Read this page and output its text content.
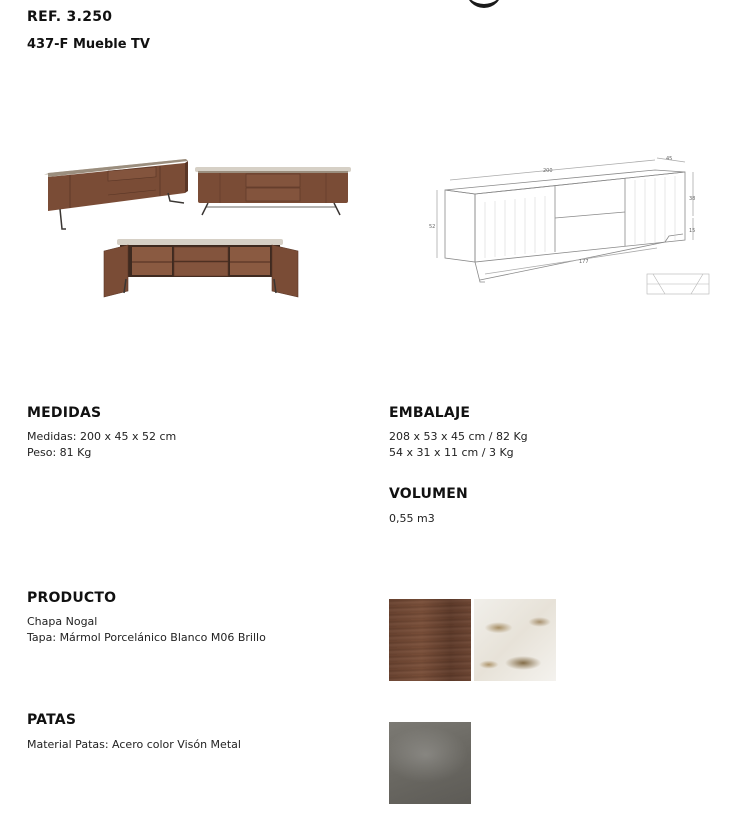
REF. 3.250
437-F Mueble TV
200
45
52
38
15
177
MEDIDAS
Medidas: 200 x 45 x 52 cm
Peso: 81 Kg
EMBALAJE
208 x 53 x 45 cm / 82 Kg
54 x 31 x 11 cm / 3 Kg
VOLUMEN
0,55 m3
PRODUCTO
Chapa Nogal
Tapa: Mármol Porcelánico Blanco M06 Brillo
PATAS
Material Patas: Acero color Visón Metal
